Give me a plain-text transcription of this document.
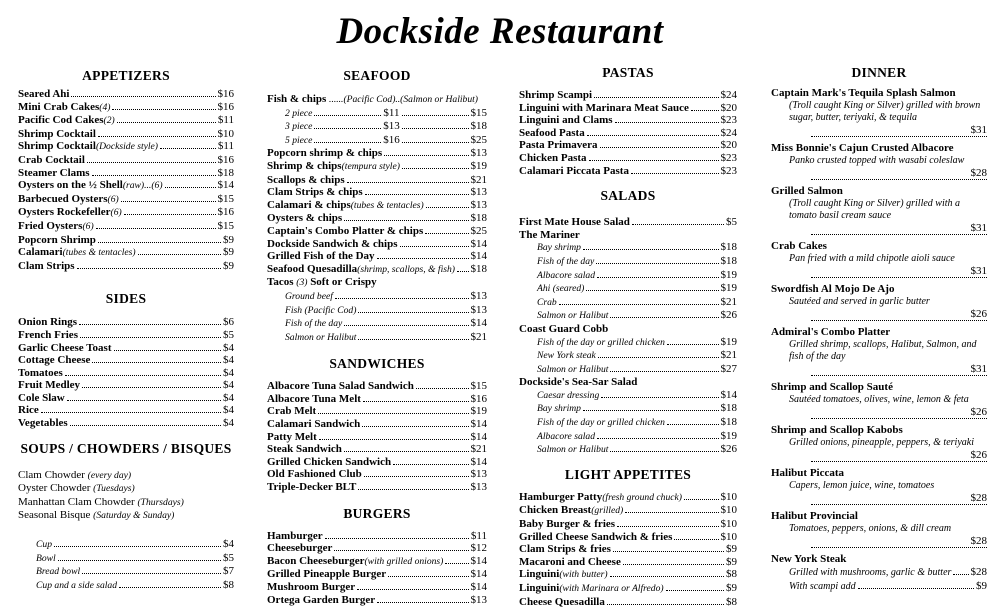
Dockside Restaurant
APPETIZERS
Seared Ahi	$16
Mini Crab Cakes (4)	$16
Pacific Cod Cakes (2)	$11
Shrimp Cocktail	$10
Shrimp Cocktail (Dockside style)	$11
Crab Cocktail	$16
Steamer Clams	$18
Oysters on the ½ Shell (raw)...(6)	$14
Barbecued Oysters (6)	$15
Oysters Rockefeller (6)	$16
Fried Oysters (6)	$15
Popcorn Shrimp	$9
Calamari (tubes & tentacles)	$9
Clam Strips	$9
SIDES
Onion Rings	$6
French Fries	$5
Garlic Cheese Toast	$4
Cottage Cheese	$4
Tomatoes	$4
Fruit Medley	$4
Cole Slaw	$4
Rice	$4
Vegetables	$4
SOUPS / CHOWDERS / BISQUES
Clam Chowder (every day)
Oyster Chowder (Tuesdays)
Manhattan Clam Chowder (Thursdays)
Seasonal Bisque (Saturday & Sunday)
Cup	$4
Bowl	$5
Bread bowl	$7
Cup and a side salad	$8
SEAFOOD
Fish & chips ......(Pacific Cod)..(Salmon or Halibut)
2 piece	$11	$15
3 piece	$13	$18
5 piece	$16	$25
Popcorn shrimp & chips	$13
Shrimp & chips (tempura style)	$19
Scallops & chips	$21
Clam Strips & chips	$13
Calamari & chips (tubes & tentacles)	$13
Oysters & chips	$18
Captain's Combo Platter & chips	$25
Dockside Sandwich & chips	$14
Grilled Fish of the Day	$14
Seafood Quesadilla (shrimp, scallops, & fish) $18
Tacos (3) Soft or Crispy
Ground beef	$13
Fish (Pacific Cod)	$13
Fish of the day	$14
Salmon or Halibut	$21
SANDWICHES
Albacore Tuna Salad Sandwich	$15
Albacore Tuna Melt	$16
Crab Melt	$19
Calamari Sandwich	$14
Patty Melt	$14
Steak Sandwich	$21
Grilled Chicken Sandwich	$14
Old Fashioned Club	$13
Triple-Decker BLT	$13
BURGERS
Hamburger	$11
Cheeseburger	$12
Bacon Cheeseburger (with grilled onions) $14
Grilled Pineapple Burger	$14
Mushroom Burger	$14
Ortega Garden Burger	$13
PASTAS
Shrimp Scampi	$24
Linguini with Marinara Meat Sauce	$20
Linguini and Clams	$23
Seafood Pasta	$24
Pasta Primavera	$20
Chicken Pasta	$23
Calamari Piccata Pasta	$23
SALADS
First Mate House Salad	$5
The Mariner
Bay shrimp	$18
Fish of the day	$18
Albacore salad	$19
Ahi (seared)	$19
Crab	$21
Salmon or Halibut	$26
Coast Guard Cobb
Fish of the day or grilled chicken	$19
New York steak	$21
Salmon or Halibut	$27
Dockside's Sea-Sar Salad
Caesar dressing	$14
Bay shrimp	$18
Fish of the day or grilled chicken	$18
Albacore salad	$19
Salmon or Halibut	$26
LIGHT APPETITES
Hamburger Patty (fresh ground chuck)	$10
Chicken Breast (grilled)	$10
Baby Burger & fries	$10
Grilled Cheese Sandwich & fries	$10
Clam Strips & fries	$9
Macaroni and Cheese	$9
Linguini (with butter)	$8
Linguini (with Marinara or Alfredo)	$9
Cheese Quesadilla	$8
DINNER
Captain Mark's Tequila Splash Salmon
(Troll caught King or Silver) grilled with brown sugar, butter, teriyaki, & tequila
$31
Miss Bonnie's Cajun Crusted Albacore
Panko crusted topped with wasabi coleslaw
$28
Grilled Salmon
(Troll caught King or Silver) grilled with a tomato basil cream sauce
$31
Crab Cakes
Pan fried with a mild chipotle aioli sauce
$31
Swordfish Al Mojo De Ajo
Sautéed and served in garlic butter
$26
Admiral's Combo Platter
Grilled shrimp, scallops, Halibut, Salmon, and fish of the day
$31
Shrimp and Scallop Sauté
Sautéed tomatoes, olives, wine, lemon & feta
$26
Shrimp and Scallop Kabobs
Grilled onions, pineapple, peppers, & teriyaki
$26
Halibut Piccata
Capers, lemon juice, wine, tomatoes
$28
Halibut Provincial
Tomatoes, peppers, onions, & dill cream
$28
New York Steak
Grilled with mushrooms, garlic & butter $28
With scampi add	$9
